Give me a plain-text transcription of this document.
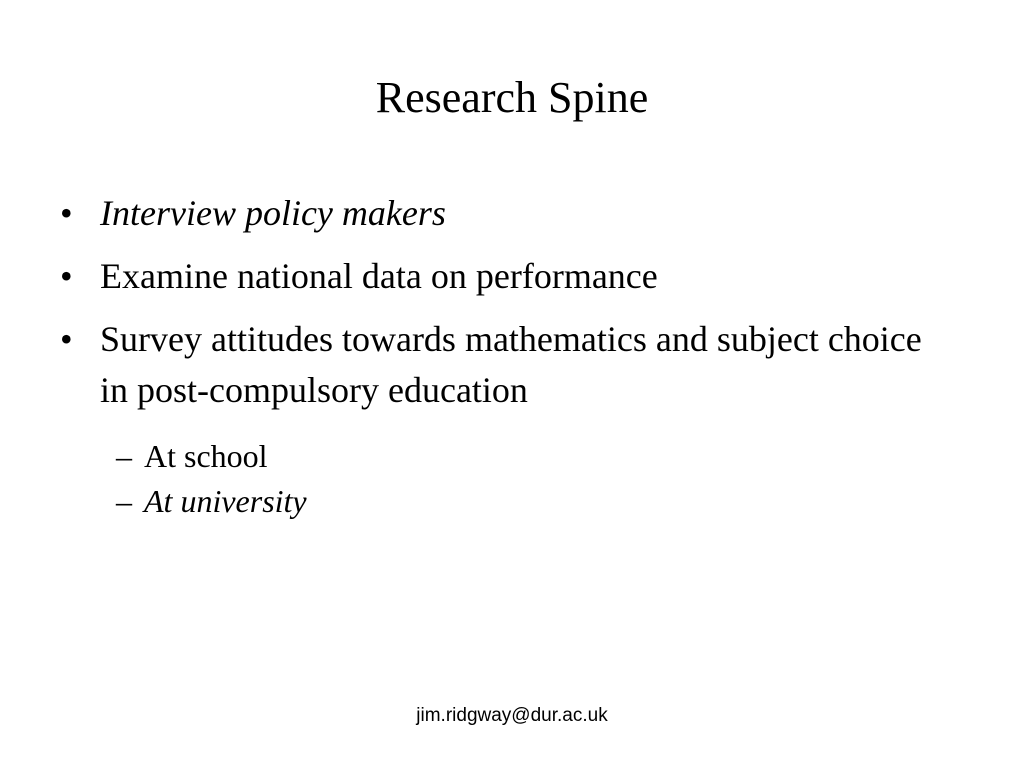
Research Spine
• Interview policy makers
• Examine national data on performance
• Survey attitudes towards mathematics and subject choice in post-compulsory education
– At school
– At university
jim.ridgway@dur.ac.uk
